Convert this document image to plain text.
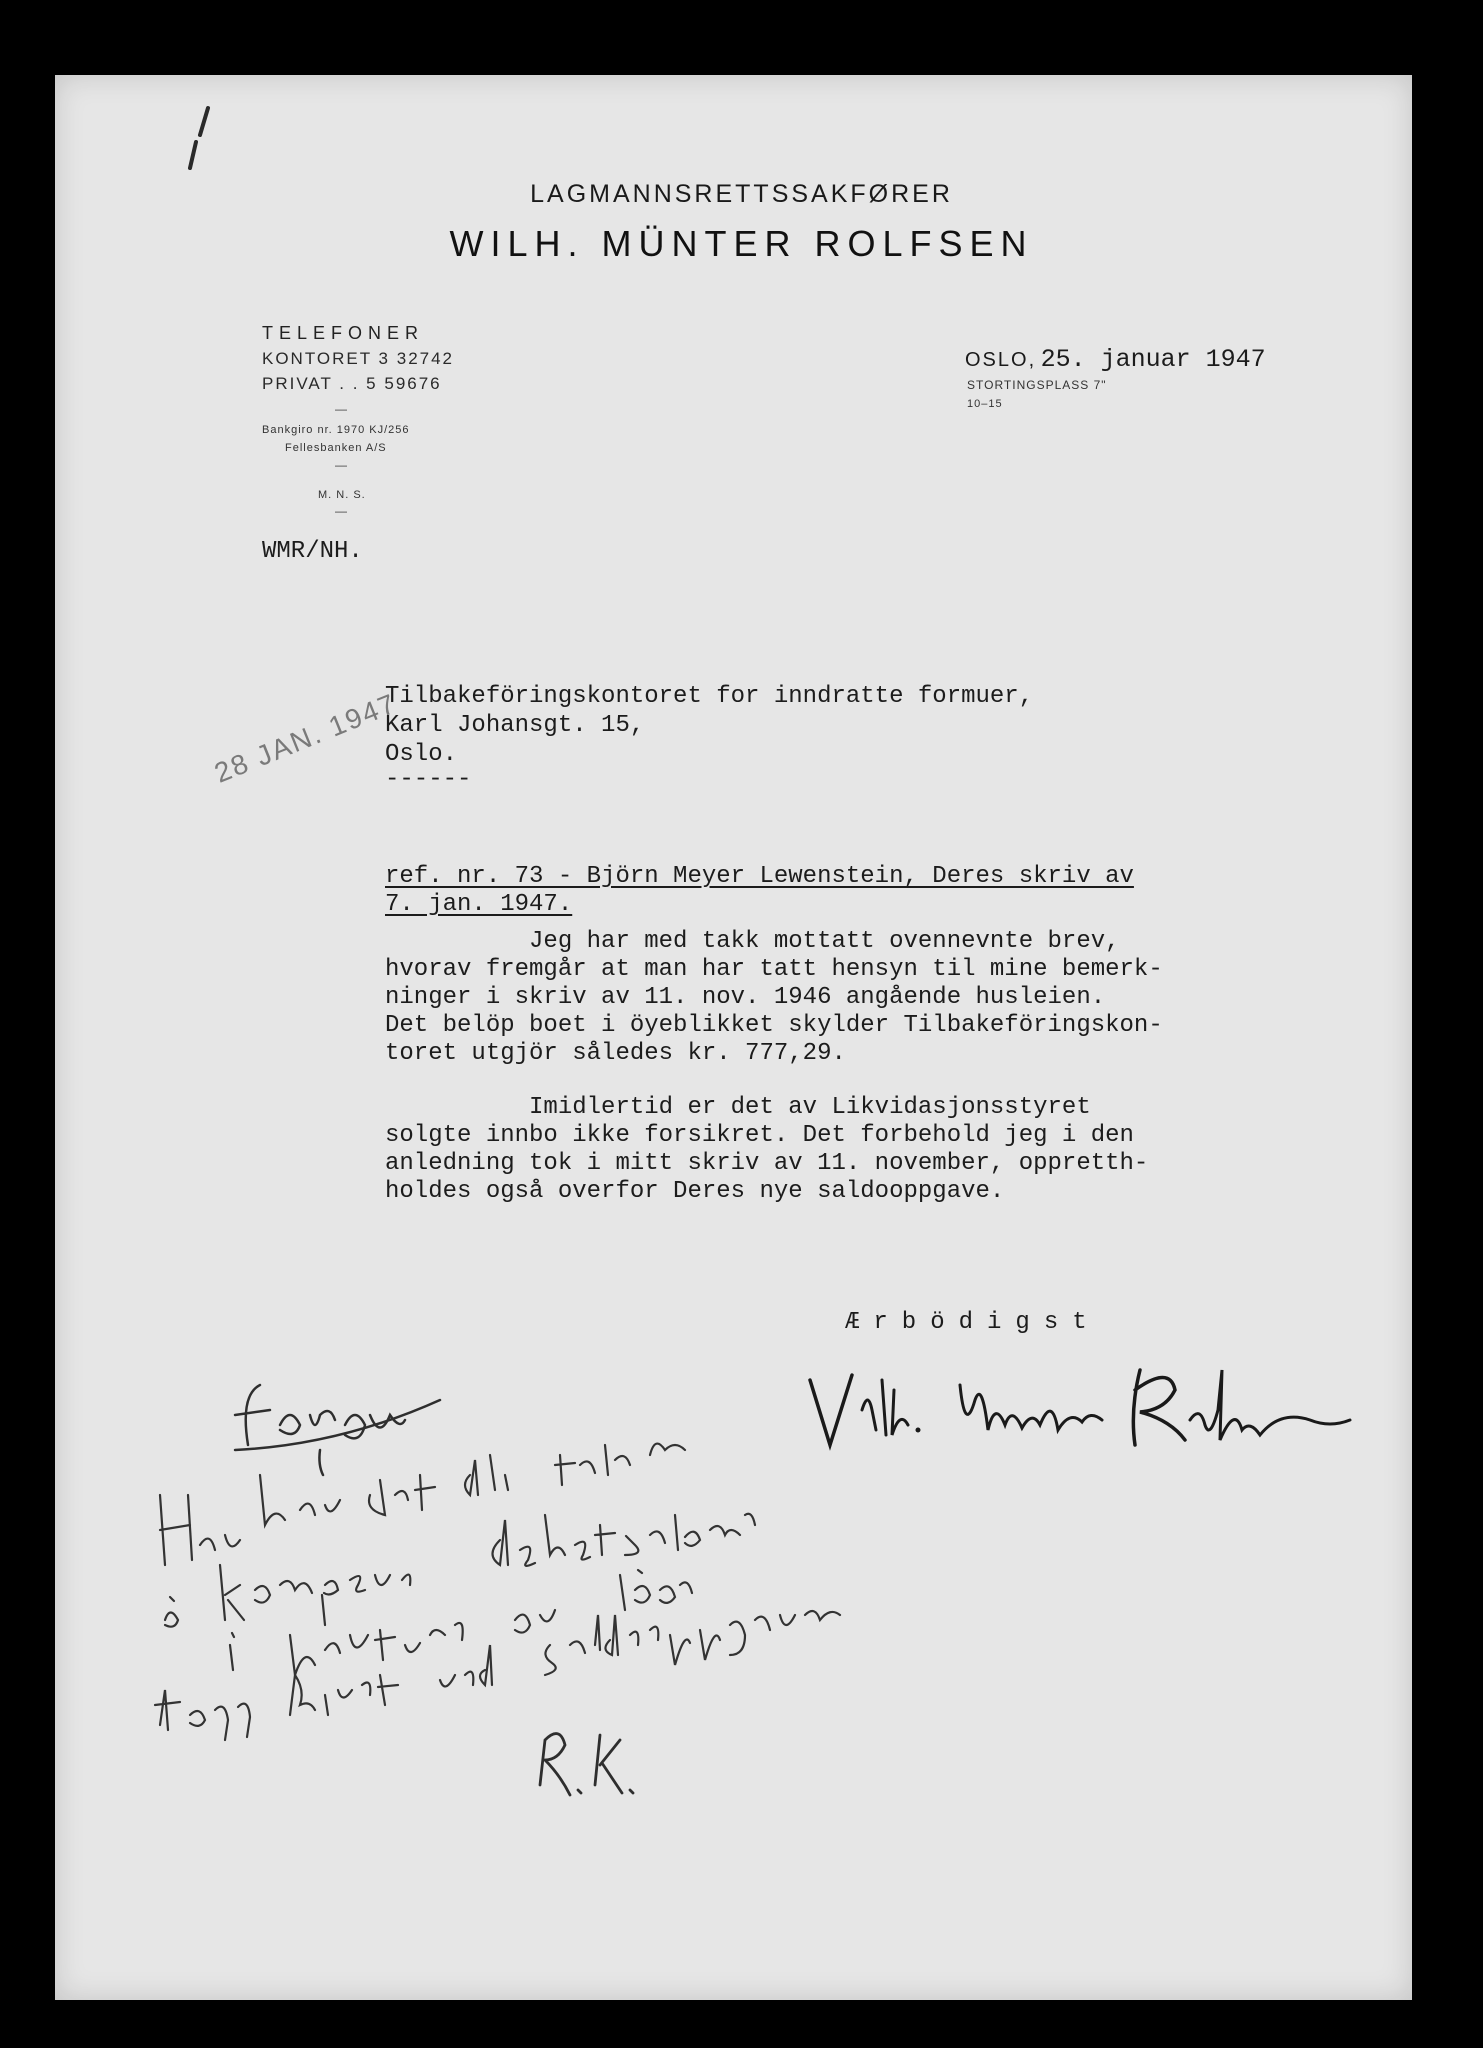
LAGMANNSRETTSSAKFØRER
WILH. MÜNTER ROLFSEN
TELEFONER
KONTORET 3 32742
PRIVAT . . 5 59676
—
Bankgiro nr. 1970 KJ/256
Fellesbanken A/S
—
M. N. S.
—
WMR/NH.
OSLO, 25. januar 1947
STORTINGSPLASS 7"
10–15
28 JAN. 1947
Tilbakeföringskontoret for inndratte formuer,
Karl Johansgt. 15,
Oslo.
------
ref. nr. 73 - Björn Meyer Lewenstein, Deres skriv av
7. jan. 1947.
Jeg har med takk mottatt ovennevnte brev,
hvorav fremgår at man har tatt hensyn til mine bemerk-
ninger i skriv av 11. nov. 1946 angående husleien.
Det belöp boet i öyeblikket skylder Tilbakeföringskon-
toret utgjör således kr. 777,29.
Imidlertid er det av Likvidasjonsstyret
solgte innbo ikke forsikret. Det forbehold jeg i den
anledning tok i mitt skriv av 11. november, oppretth-
holdes også overfor Deres nye saldooppgave.
Ærbödigst
